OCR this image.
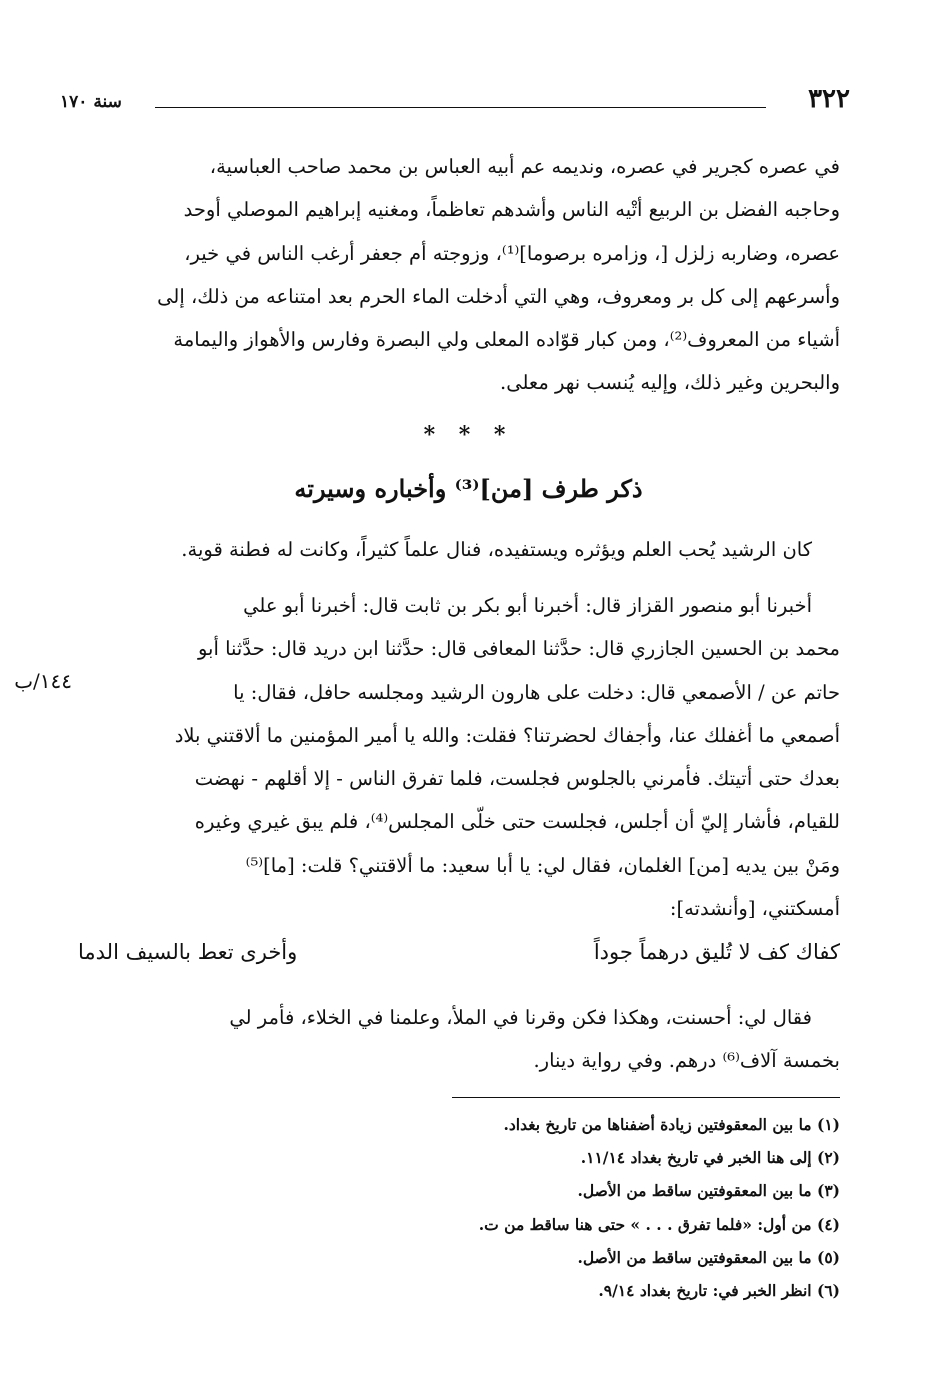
٣٢٢
سنة ١٧٠

في عصره كجرير في عصره، ونديمه عم أبيه العباس بن محمد صاحب العباسية،

وحاجبه الفضل بن الربيع أتْيه الناس وأشدهم تعاظماً، ومغنيه إبراهيم الموصلي أوحد

عصره، وضاربه زلزل [، وزامره برصوما]⁽¹⁾، وزوجته أم جعفر أرغب الناس في خير،

وأسرعهم إلى كل بر ومعروف، وهي التي أدخلت الماء الحرم بعد امتناعه من ذلك، إلى

أشياء من المعروف⁽²⁾، ومن كبار قوّاده المعلى ولي البصرة وفارس والأهواز واليمامة

والبحرين وغير ذلك، وإليه يُنسب نهر معلى.

* * *
ذكر طرف [من]⁽³⁾ وأخباره وسيرته

كان الرشيد يُحب العلم ويؤثره ويستفيده، فنال علماً كثيراً، وكانت له فطنة قوية.

أخبرنا أبو منصور القزاز قال: أخبرنا أبو بكر بن ثابت قال: أخبرنا أبو علي

محمد بن الحسين الجازري قال: حدَّثنا المعافى قال: حدَّثنا ابن دريد قال: حدَّثنا أبو

حاتم عن / الأصمعي قال: دخلت على هارون الرشيد ومجلسه حافل، فقال: يا

أصمعي ما أغفلك عنا، وأجفاك لحضرتنا؟ فقلت: والله يا أمير المؤمنين ما ألاقتني بلاد

بعدك حتى أتيتك. فأمرني بالجلوس فجلست، فلما تفرق الناس - إلا أقلهم - نهضت

للقيام، فأشار إليّ أن أجلس، فجلست حتى خلّى المجلس⁽⁴⁾، فلم يبق غيري وغيره

ومَنْ بين يديه [من] الغلمان، فقال لي: يا أبا سعيد: ما ألاقتني؟ قلت: [ما]⁽⁵⁾

أمسكتني، [وأنشدته]:

١٤٤/ب
كفاك كف لا تُليق درهماً جوداً
وأخرى تعط بالسيف الدما

فقال لي: أحسنت، وهكذا فكن وقرنا في الملأ، وعلمنا في الخلاء، فأمر لي

بخمسة آلاف⁽⁶⁾ درهم. وفي رواية دينار.

(١) ما بين المعقوفتين زيادة أضفناها من تاريخ بغداد.

(٢) إلى هنا الخبر في تاريخ بغداد ١١/١٤.

(٣) ما بين المعقوفتين ساقط من الأصل.

(٤) من أول: «فلما تفرق . . . » حتى هنا ساقط من ت.

(٥) ما بين المعقوفتين ساقط من الأصل.

(٦) انظر الخبر في: تاريخ بغداد ٩/١٤.
